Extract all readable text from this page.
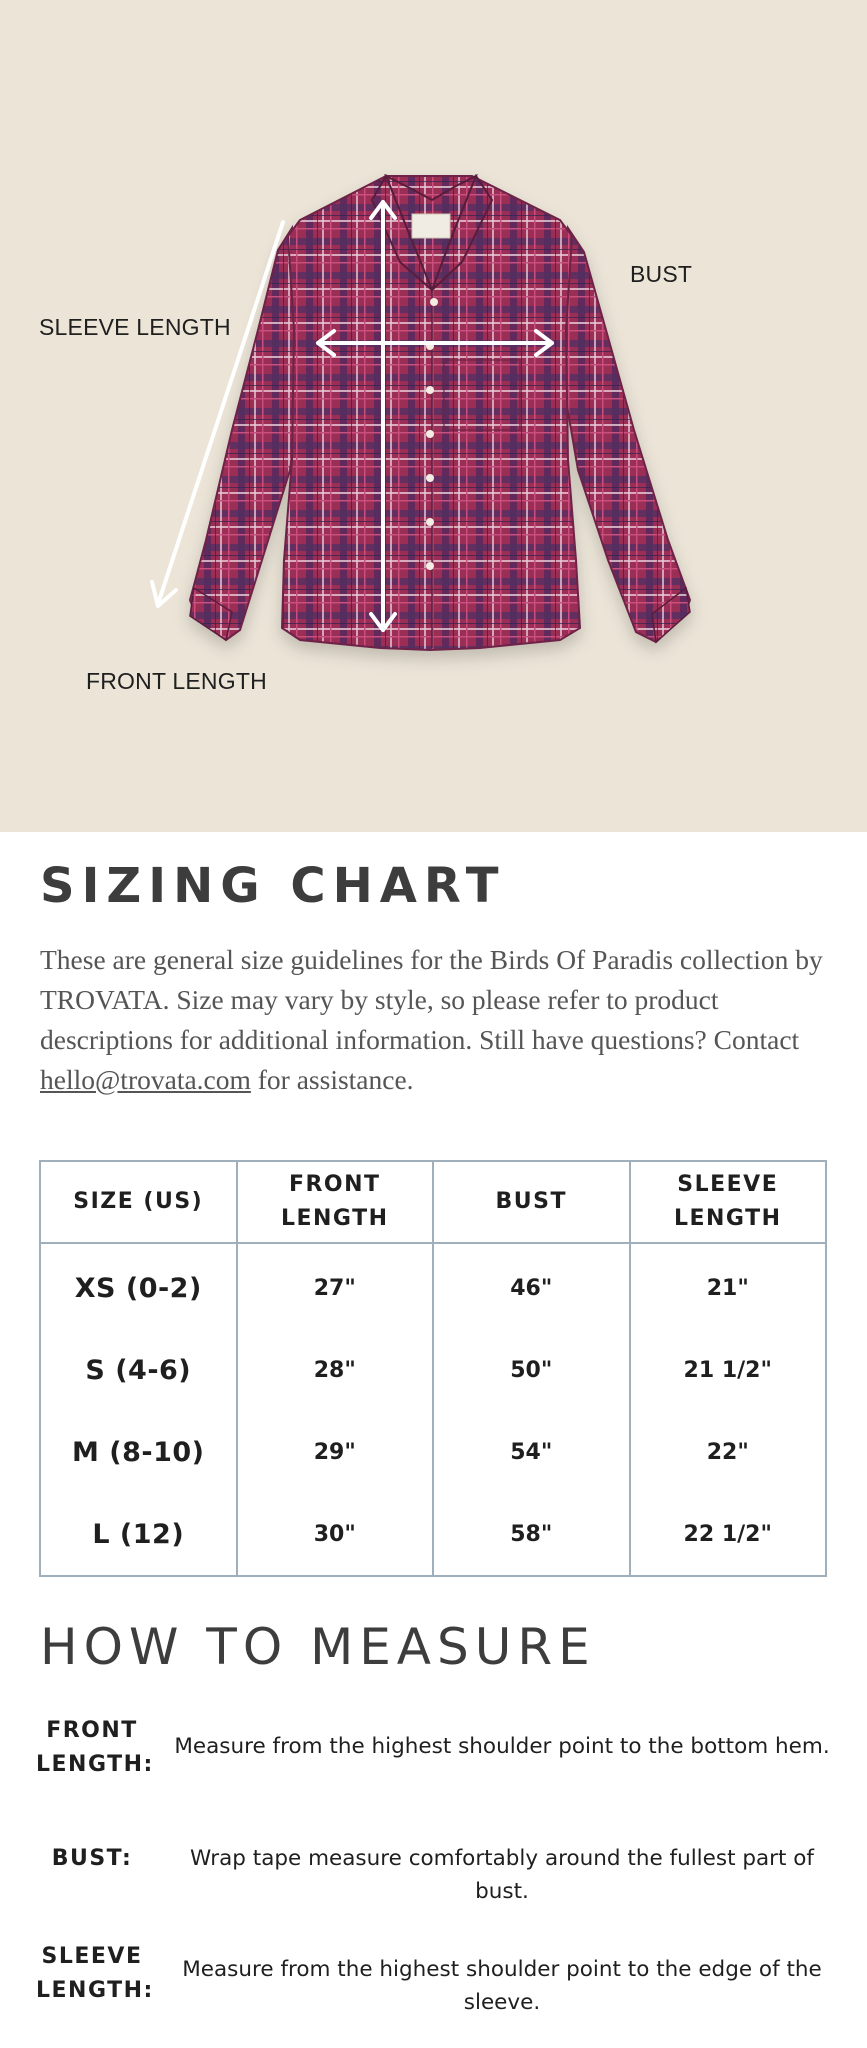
SLEEVE LENGTH
BUST
FRONT LENGTH
SIZING CHART

These are general size guidelines for the Birds Of Paradis collection by TROVATA. Size may vary by style, so please refer to product descriptions for additional information. Still have questions? Contact hello@trovata.com for assistance.

SIZE (US)	FRONT LENGTH	BUST	SLEEVE LENGTH
XS (0-2)	27"	46"	21"
S (4-6)	28"	50"	21 1/2"
M (8-10)	29"	54"	22"
L (12)	30"	58"	22 1/2"
HOW TO MEASURE
FRONT LENGTH:
Measure from the highest shoulder point to the bottom hem.
BUST:	Wrap tape measure comfortably around the fullest part of bust.
SLEEVE LENGTH:
Measure from the highest shoulder point to the edge of the sleeve.
